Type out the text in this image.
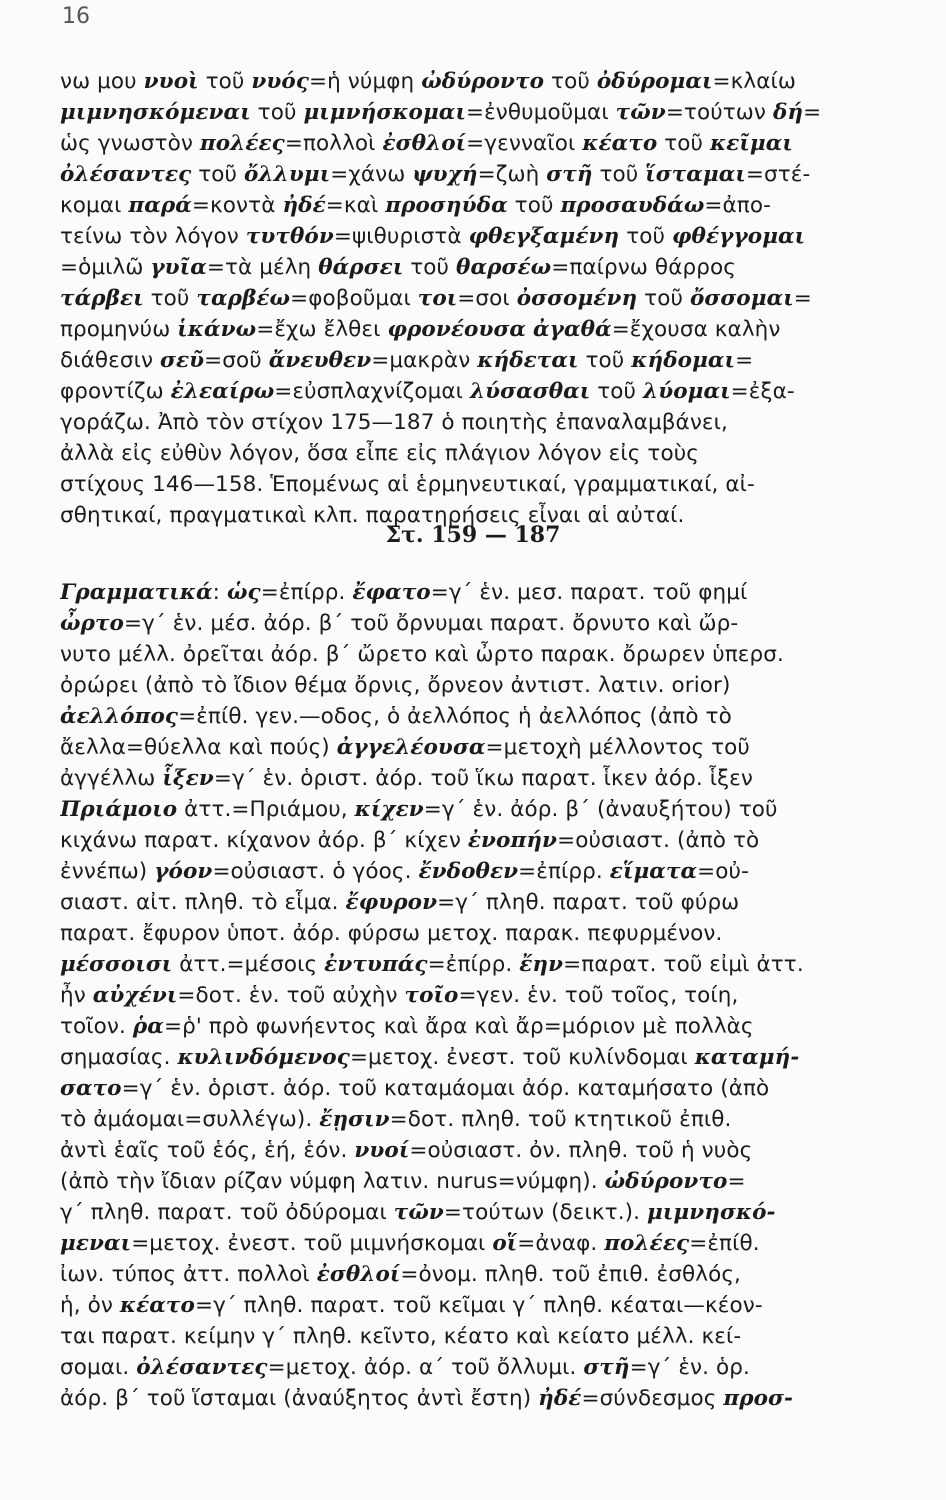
16
νω μου νυοὶ τοῦ νυός=ἡ νύμφη ὠδύροντο τοῦ ὀδύρομαι=κλαίω
μιμνησκόμεναι τοῦ μιμνήσκομαι=ἐνθυμοῦμαι τῶν=τούτων δή=
ὡς γνωστὸν πολέες=πολλοὶ ἐσθλοί=γενναῖοι κέατο τοῦ κεῖμαι
ὀλέσαντες τοῦ ὄλλυμι=χάνω ψυχή=ζωὴ στῆ τοῦ ἵσταμαι=στέ-
κομαι παρά=κοντὰ ἠδέ=καὶ προσηύδα τοῦ προσαυδάω=ἀπο-
τείνω τὸν λόγον τυτθόν=ψιθυριστὰ φθεγξαμένη τοῦ φθέγγομαι
=ὁμιλῶ γυῖα=τὰ μέλη θάρσει τοῦ θαρσέω=παίρνω θάρρος
τάρβει τοῦ ταρβέω=φοβοῦμαι τοι=σοι ὀσσομένη τοῦ ὄσσομαι=
προμηνύω ἱκάνω=ἔχω ἔλθει φρονέουσα ἀγαθά=ἔχουσα καλὴν
διάθεσιν σεῦ=σοῦ ἄνευθεν=μακρὰν κήδεται τοῦ κήδομαι=
φροντίζω ἐλεαίρω=εὐσπλαχνίζομαι λύσασθαι τοῦ λύομαι=ἐξα-
γοράζω. Ἀπὸ τὸν στίχον 175—187 ὁ ποιητὴς ἐπαναλαμβάνει,
ἀλλὰ εἰς εὐθὺν λόγον, ὅσα εἶπε εἰς πλάγιον λόγον εἰς τοὺς
στίχους 146—158. Ἑπομένως αἱ ἑρμηνευτικαί, γραμματικαί, αἰ-
σθητικαί, πραγματικαὶ κλπ. παρατηρήσεις εἶναι αἱ αὐταί.
Στ. 159 — 187
Γραμματικά: ὡς=ἐπίρρ. ἔφατο=γ΄ ἑν. μεσ. παρατ. τοῦ φημί
ὦρτο=γ΄ ἑν. μέσ. ἀόρ. β΄ τοῦ ὄρνυμαι παρατ. ὄρνυτο καὶ ὤρ-
νυτο μέλλ. ὀρεῖται ἀόρ. β΄ ὤρετο καὶ ὦρτο παρακ. ὄρωρεν ὑπερσ.
ὀρώρει (ἀπὸ τὸ ἴδιον θέμα ὄρνις, ὄρνεον ἀντιστ. λατιν. orior)
ἀελλόπος=ἐπίθ. γεν.—οδος, ὁ ἀελλόπος ἡ ἀελλόπος (ἀπὸ τὸ
ἄελλα=θύελλα καὶ πούς) ἀγγελέουσα=μετοχὴ μέλλοντος τοῦ
ἀγγέλλω ἷξεν=γ΄ ἑν. ὁριστ. ἀόρ. τοῦ ἵκω παρατ. ἷκεν ἀόρ. ἷξεν
Πριάμοιο ἀττ.=Πριάμου, κίχεν=γ΄ ἑν. ἀόρ. β΄ (ἀναυξήτου) τοῦ
κιχάνω παρατ. κίχανον ἀόρ. β΄ κίχεν ἐνοπήν=οὐσιαστ. (ἀπὸ τὸ
ἐννέπω) γόον=οὐσιαστ. ὁ γόος. ἔνδοθεν=ἐπίρρ. εἵματα=οὐ-
σιαστ. αἰτ. πληθ. τὸ εἷμα. ἔφυρον=γ΄ πληθ. παρατ. τοῦ φύρω
παρατ. ἔφυρον ὑποτ. ἀόρ. φύρσω μετοχ. παρακ. πεφυρμένον.
μέσσοισι ἀττ.=μέσοις ἐντυπάς=ἐπίρρ. ἔην=παρατ. τοῦ εἰμὶ ἀττ.
ἦν αὐχένι=δοτ. ἑν. τοῦ αὐχὴν τοῖο=γεν. ἑν. τοῦ τοῖος, τοίη,
τοῖον. ῥα=ῥ' πρὸ φωνήεντος καὶ ἄρα καὶ ἄρ=μόριον μὲ πολλὰς
σημασίας. κυλινδόμενος=μετοχ. ἐνεστ. τοῦ κυλίνδομαι καταμή-
σατο=γ΄ ἑν. ὁριστ. ἀόρ. τοῦ καταμάομαι ἀόρ. καταμήσατο (ἀπὸ
τὸ ἀμάομαι=συλλέγω). ἔῃσιν=δοτ. πληθ. τοῦ κτητικοῦ ἐπιθ.
ἀντὶ ἑαῖς τοῦ ἑός, ἑή, ἑόν. νυοί=οὐσιαστ. ὀν. πληθ. τοῦ ἡ νυὸς
(ἀπὸ τὴν ἴδιαν ρίζαν νύμφη λατιν. nurus=νύμφη). ὠδύροντο=
γ΄ πληθ. παρατ. τοῦ ὀδύρομαι τῶν=τούτων (δεικτ.). μιμνησκό-
μεναι=μετοχ. ἐνεστ. τοῦ μιμνήσκομαι οἵ=ἀναφ. πολέες=ἐπίθ.
ἰων. τύπος ἀττ. πολλοὶ ἐσθλοί=ὀνομ. πληθ. τοῦ ἐπιθ. ἐσθλός,
ἡ, ὀν κέατο=γ΄ πληθ. παρατ. τοῦ κεῖμαι γ΄ πληθ. κέαται—κέον-
ται παρατ. κείμην γ΄ πληθ. κεῖντο, κέατο καὶ κείατο μέλλ. κεί-
σομαι. ὀλέσαντες=μετοχ. ἀόρ. α΄ τοῦ ὄλλυμι. στῆ=γ΄ ἑν. ὁρ.
ἀόρ. β΄ τοῦ ἵσταμαι (ἀναύξητος ἀντὶ ἔστη) ἠδέ=σύνδεσμος προσ-
